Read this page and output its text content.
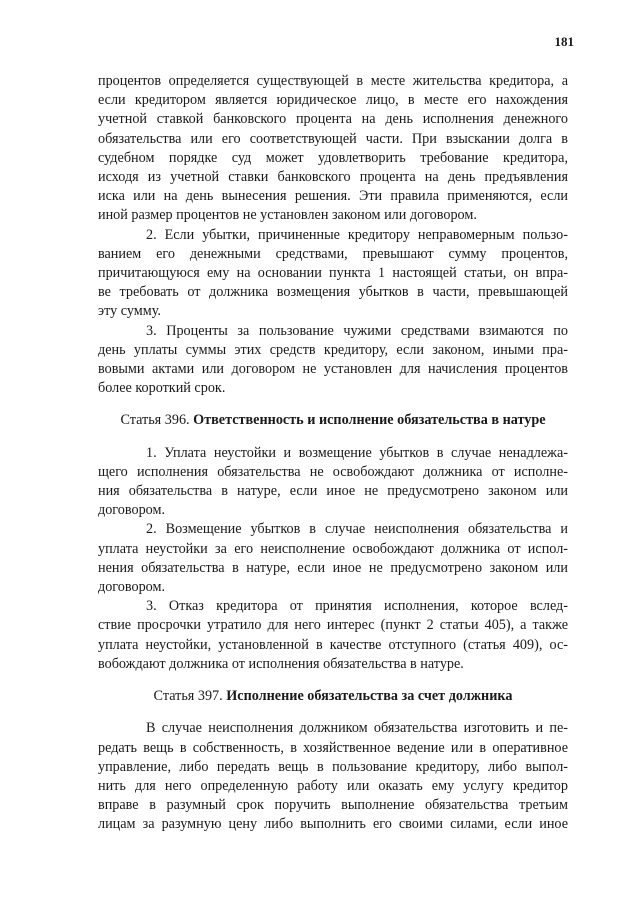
181
процентов определяется существующей в месте жительства кредитора, а
если кредитором является юридическое лицо, в месте его нахождения
учетной ставкой банковского процента на день исполнения денежного
обязательства или его соответствующей части. При взыскании долга в
судебном порядке суд может удовлетворить требование кредитора,
исходя из учетной ставки банковского процента на день предъявления
иска или на день вынесения решения. Эти правила применяются, если
иной размер процентов не установлен законом или договором.
2. Если убытки, причиненные кредитору неправомерным пользо-
ванием его денежными средствами, превышают сумму процентов,
причитающуюся ему на основании пункта 1 настоящей статьи, он впра-
ве требовать от должника возмещения убытков в части, превышающей
эту сумму.
3. Проценты за пользование чужими средствами взимаются по
день уплаты суммы этих средств кредитору, если законом, иными пра-
вовыми актами или договором не установлен для начисления процентов
более короткий срок.
Статья 396. Ответственность и исполнение обязательства в натуре
1. Уплата неустойки и возмещение убытков в случае ненадлежа-
щего исполнения обязательства не освобождают должника от исполне-
ния обязательства в натуре, если иное не предусмотрено законом или
договором.
2. Возмещение убытков в случае неисполнения обязательства и
уплата неустойки за его неисполнение освобождают должника от испол-
нения обязательства в натуре, если иное не предусмотрено законом или
договором.
3. Отказ кредитора от принятия исполнения, которое вслед-
ствие просрочки утратило для него интерес (пункт 2 статьи 405), а также
уплата неустойки, установленной в качестве отступного (статья 409), ос-
вобождают должника от исполнения обязательства в натуре.
Статья 397. Исполнение обязательства за счет должника
В случае неисполнения должником обязательства изготовить и пе-
редать вещь в собственность, в хозяйственное ведение или в оперативное
управление, либо передать вещь в пользование кредитору, либо выпол-
нить для него определенную работу или оказать ему услугу кредитор
вправе в разумный срок поручить выполнение обязательства третьим
лицам за разумную цену либо выполнить его своими силами, если иное
